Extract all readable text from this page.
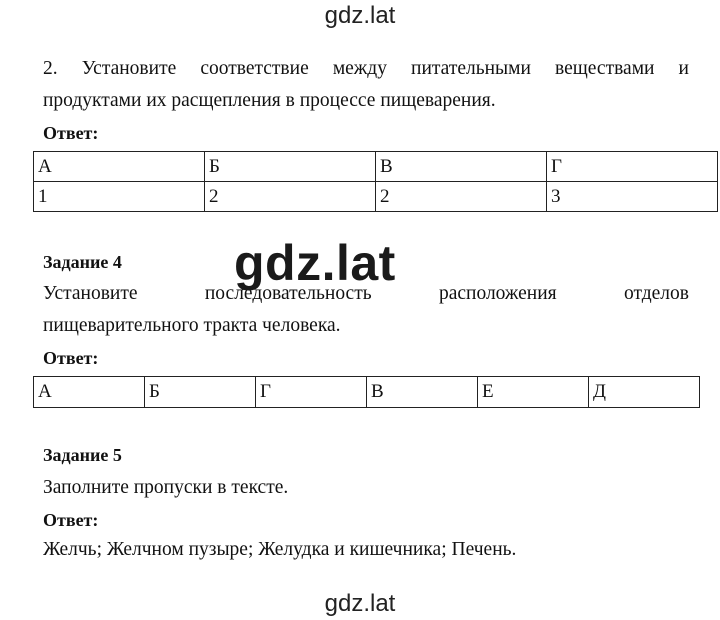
gdz.lat
2. Установите соответствие между питательными веществами и
продуктами их расщепления в процессе пищеварения.
Ответ:
А	Б	В	Г
1	2	2	3
Задание 4
Установите последовательность расположения отделов
пищеварительного тракта человека.
Ответ:
А	Б	Г	В	Е	Д
Задание 5
Заполните пропуски в тексте.
Ответ:
Желчь; Желчном пузыре; Желудка и кишечника; Печень.
gdz.lat
gdz.lat
